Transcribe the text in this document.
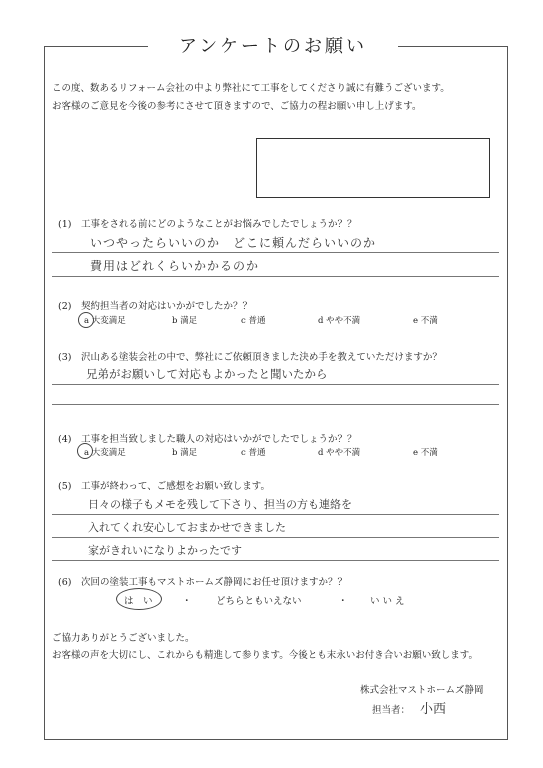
アンケートのお願い
この度、数あるリフォーム会社の中より弊社にて工事をしてくださり誠に有難うございます。
お客様のご意見を今後の参考にさせて頂きますので、ご協力の程お願い申し上げます。
(1) 工事をされる前にどのようなことがお悩みでしたでしょうか？？
いつやったらいいのか　どこに頼んだらいいのか
費用はどれくらいかかるのか
(2) 契約担当者の対応はいかがでしたか？？
a 大変満足	b 満足	c 普通	d やや不満	e 不満
(3) 沢山ある塗装会社の中で、弊社にご依頼頂きました決め手を教えていただけますか？
兄弟がお願いして対応もよかったと聞いたから
(4) 工事を担当致しました職人の対応はいかがでしたでしょうか？？
a 大変満足	b 満足	c 普通	d やや不満	e 不満
(5) 工事が終わって、ご感想をお願い致します。
日々の様子もメモを残して下さり、担当の方も連絡を
入れてくれ安心しておまかせできました
家がきれいになりよかったです
(6) 次回の塗装工事もマストホームズ静岡にお任せ頂けますか？？
は　い	・	どちらともいえない	・ い い え
ご協力ありがとうございました。
お客様の声を大切にし、これからも精進して参ります。今後とも末永いお付き合いお願い致します。
株式会社マストホームズ静岡
担当者： 小西
